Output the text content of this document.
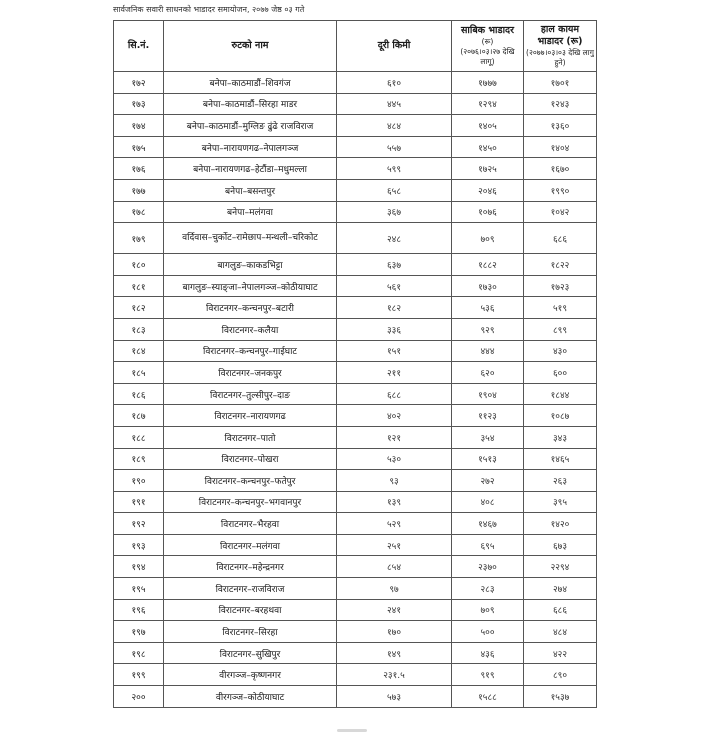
सार्वजनिक सवारी साधनको भाडादर समायोजन, २०७७ जेष्ठ ०३ गते
सि.नं.	रुटको नाम	दूरी किमी	साबिक भाडादर
(रू)
(२०७६।०३।२७ देखि लागू)	हाल कायम
भाडादर (रू)
(२०७७।०३।०३ देखि लागु हुने)

१७२	बनेपा–काठमाडौं–शिवगंज	६१०	१७७७	१७०१
१७३	बनेपा–काठमाडौं–सिरहा माडर	४४५	१२९४	१२४३
१७४	बनेपा–काठमाडौं–मुग्लिङ ढुंढे राजविराज	४८४	१४०५	१३६०
१७५	बनेपा–नारायणगढ–नेपालगञ्ज	५५७	१४५०	१४०४
१७६	बनेपा–नारायणगढ–हेटौंडा–मधुमल्ला	५९९	१७२५	१६७०
१७७	बनेपा–बसन्तपुर	६५८	२०४६	१९९०
१७८	बनेपा–मलंगवा	३६७	१०७६	१०४२
१७९	वर्दिवास–चुर्कोट–रामेछाप–मन्थली–चरिकोट	२४८	७०९	६८६
१८०	बागलुङ–काकडभिट्टा	६३७	१८८२	१८२२
१८१	बागलुङ–स्याङ्जा–नेपालगञ्ज–कोठीयाघाट	५६१	१७३०	१७२३
१८२	विराटनगर–कन्चनपुर–बटारी	१८२	५३६	५१९
१८३	विराटनगर–कलैया	३३६	९२९	८९९
१८४	विराटनगर–कन्चनपुर–गाईघाट	१५१	४४४	४३०
१८५	विराटनगर–जनकपुर	२११	६२०	६००
१८६	विराटनगर–तुल्सीपुर–दाङ	६८८	१९०४	१८४४
१८७	विराटनगर–नारायणगढ	४०२	११२३	१०८७
१८८	विराटनगर–पातो	१२१	३५४	३४३
१८९	विराटनगर–पोखरा	५३०	१५१३	१४६५
१९०	विराटनगर–कन्चनपुर–फतेपुर	९३	२७२	२६३
१९१	विराटनगर–कन्चनपुर–भगवानपुर	१३९	४०८	३९५
१९२	विराटनगर–भैरहवा	५२९	१४६७	१४२०
१९३	विराटनगर–मलंगवा	२५१	६९५	६७३
१९४	विराटनगर–महेन्द्रनगर	८५४	२३७०	२२९४
१९५	विराटनगर–राजविराज	९७	२८३	२७४
१९६	विराटनगर–बरहथवा	२४१	७०९	६८६
१९७	विराटनगर–सिरहा	१७०	५००	४८४
१९८	विराटनगर–सुखिपुर	१४९	४३६	४२२
१९९	वीरगञ्ज–कृष्णनगर	२३१.५	९१९	८९०
२००	वीरगञ्ज–कोठीयाघाट	५७३	१५८८	१५३७
